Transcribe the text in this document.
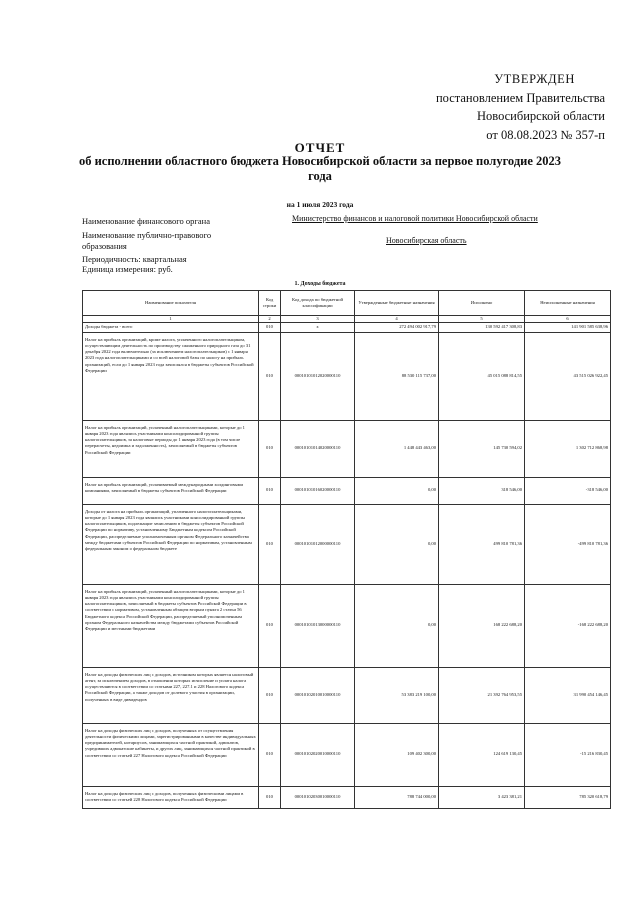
УТВЕРЖДЕН
постановлением Правительства
Новосибирской области
от 08.08.2023 № 357-п
ОТЧЕТ
об исполнении областного бюджета Новосибирской области за первое полугодие 2023 года
на 1 июля 2023 года
Наименование финансового органа	Министерство финансов и налоговой политики Новосибирской области
Наименование публично-правового образования
Новосибирская область
Периодичность: квартальная
Единица измерения: руб.
1. Доходы бюджета
Наименование показателя	Код строки	Код дохода по бюджетной классификации	Утвержденные бюджетные назначения	Исполнено	Неисполненные назначения
1	2	3	4	5	6
Доходы бюджета - всего	010	x	272 494 002 917,79	130 592 417 308,83	141 901 585 638,96
Налог на прибыль организаций, кроме налога, уплаченного налогоплательщиком, осуществляющим деятельность по производству сжиженного природного газа до 31 декабря 2022 года включительно (за исключением налогоплательщиков) с 1 января 2023 года налогоплательщиками и со всей налоговой базы по налогу на прибыль организаций, если до 1 января 2023 года зачислялся в бюджеты субъектов Российской Федерации	010	00010101012020000110	88 530 115 737,00	45 015 088 814,55	43 515 026 922,45
Налог на прибыль организаций, уплаченный налогоплательщиками, которые до 1 января 2023 года являлись участниками консолидированной группы налогоплательщиков, за налоговые периоды до 1 января 2023 года (в том числе перерасчеты, недоимка и задолженность), зачисляемый в бюджеты субъектов Российской Федерации	010	00010101014020000110	1 448 443 463,00	145 730 594,02	1 302 712 868,98
Налог на прибыль организаций, уплачиваемый международными холдинговыми компаниями, зачисляемый в бюджеты субъектов Российской Федерации	010	00010101016020000110	0,00	318 546,00	-318 546,00
Доходы от налога на прибыль организаций, уплаченного налогоплательщиками, которые до 1 января 2023 года являлись участниками консолидированной группы налогоплательщиков, подлежащие зачислению в бюджеты субъектов Российской Федерации по нормативу, установленному Бюджетным кодексом Российской Федерации, распределяемые уполномоченным органом Федерального казначейства между бюджетами субъектов Российской Федерации по нормативам, установленным федеральным законом о федеральном бюджете	010	00010101012000000110	0,00	499 810 781,36	-499 810 781,36
Налог на прибыль организаций, уплаченный налогоплательщиками, которые до 1 января 2023 года являлись участниками консолидированной группы налогоплательщиков, зачисляемый в бюджеты субъектов Российской Федерации в соответствии с нормативом, установленным абзацем вторым пункта 2 статьи 56 Бюджетного кодекса Российской Федерации, распределяемый уполномоченным органом Федерального казначейства между бюджетами субъектов Российской Федерации и местными бюджетами	010	00010101013000000110	0,00	168 222 688,20	-168 222 688,20
Налог на доходы физических лиц с доходов, источником которых является налоговый агент, за исключением доходов, в отношении которых исчисление и уплата налога осуществляются в соответствии со статьями 227, 227.1 и 228 Налогового кодекса Российской Федерации, а также доходов от долевого участия в организации, полученных в виде дивидендов	010	00010102010010000110	53 383 219 100,00	21 392 764 953,55	31 990 454 146,45
Налог на доходы физических лиц с доходов, полученных от осуществления деятельности физическими лицами, зарегистрированными в качестве индивидуальных предпринимателей, нотариусов, занимающихся частной практикой, адвокатов, учредивших адвокатские кабинеты, и других лиц, занимающихся частной практикой в соответствии со статьей 227 Налогового кодекса Российской Федерации	010	00010102020010000110	109 402 300,00	124 619 130,45	-15 216 830,45
Налог на доходы физических лиц с доходов, полученных физическими лицами в соответствии со статьей 228 Налогового кодекса Российской Федерации	010	00010102030010000110	788 744 000,00	3 423 381,21	785 320 618,79
